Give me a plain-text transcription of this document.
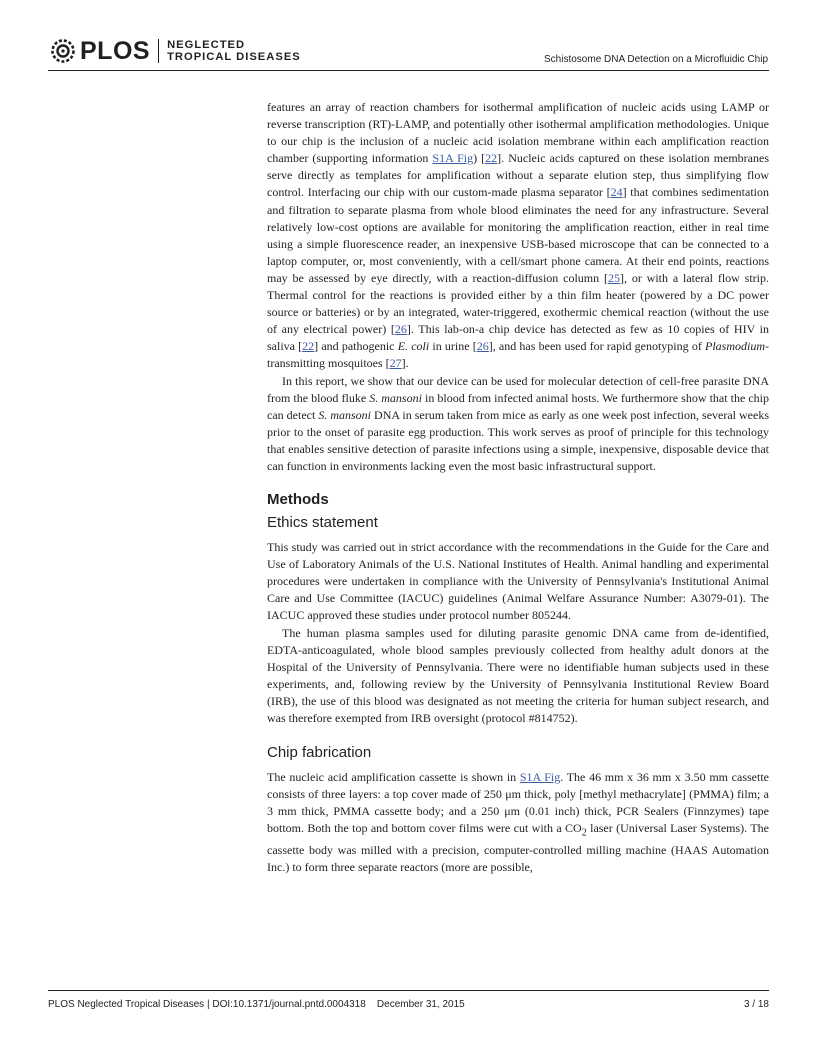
PLOS NEGLECTED
TROPICAL DISEASES	Schistosome DNA Detection on a Microfluidic Chip

features an array of reaction chambers for isothermal amplification of nucleic acids using LAMP or reverse transcription (RT)-LAMP, and potentially other isothermal amplification methodologies. Unique to our chip is the inclusion of a nucleic acid isolation membrane within each amplification reaction chamber (supporting information S1A Fig) [22]. Nucleic acids captured on these isolation membranes serve directly as templates for amplification without a separate elution step, thus simplifying flow control. Interfacing our chip with our custom-made plasma separator [24] that combines sedimentation and filtration to separate plasma from whole blood eliminates the need for any infrastructure. Several relatively low-cost options are available for monitoring the amplification reaction, either in real time using a simple fluorescence reader, an inexpensive USB-based microscope that can be connected to a laptop computer, or, most conveniently, with a cell/smart phone camera. At their end points, reactions may be assessed by eye directly, with a reaction-diffusion column [25], or with a lateral flow strip. Thermal control for the reactions is provided either by a thin film heater (powered by a DC power source or batteries) or by an integrated, water-triggered, exothermic chemical reaction (without the use of any electrical power) [26]. This lab-on-a chip device has detected as few as 10 copies of HIV in saliva [22] and pathogenic E. coli in urine [26], and has been used for rapid genotyping of Plasmodium-transmitting mosquitoes [27].

In this report, we show that our device can be used for molecular detection of cell-free parasite DNA from the blood fluke S. mansoni in blood from infected animal hosts. We furthermore show that the chip can detect S. mansoni DNA in serum taken from mice as early as one week post infection, several weeks prior to the onset of parasite egg production. This work serves as proof of principle for this technology that enables sensitive detection of parasite infections using a simple, inexpensive, disposable device that can function in environments lacking even the most basic infrastructural support.

Methods
Ethics statement

This study was carried out in strict accordance with the recommendations in the Guide for the Care and Use of Laboratory Animals of the U.S. National Institutes of Health. Animal handling and experimental procedures were undertaken in compliance with the University of Pennsylvania's Institutional Animal Care and Use Committee (IACUC) guidelines (Animal Welfare Assurance Number: A3079-01). The IACUC approved these studies under protocol number 805244.

The human plasma samples used for diluting parasite genomic DNA came from de-identified, EDTA-anticoagulated, whole blood samples previously collected from healthy adult donors at the Hospital of the University of Pennsylvania. There were no identifiable human subjects used in these experiments, and, following review by the University of Pennsylvania Institutional Review Board (IRB), the use of this blood was designated as not meeting the criteria for human subject research, and was therefore exempted from IRB oversight (protocol #814752).

Chip fabrication

The nucleic acid amplification cassette is shown in S1A Fig. The 46 mm x 36 mm x 3.50 mm cassette consists of three layers: a top cover made of 250 μm thick, poly [methyl methacrylate] (PMMA) film; a 3 mm thick, PMMA cassette body; and a 250 μm (0.01 inch) thick, PCR Sealers (Finnzymes) tape bottom. Both the top and bottom cover films were cut with a $CO_2$ laser (Universal Laser Systems). The cassette body was milled with a precision, computer-controlled milling machine (HAAS Automation Inc.) to form three separate reactors (more are possible,

PLOS Neglected Tropical Diseases | DOI:10.1371/journal.pntd.0004318    December 31, 2015	3 / 18
